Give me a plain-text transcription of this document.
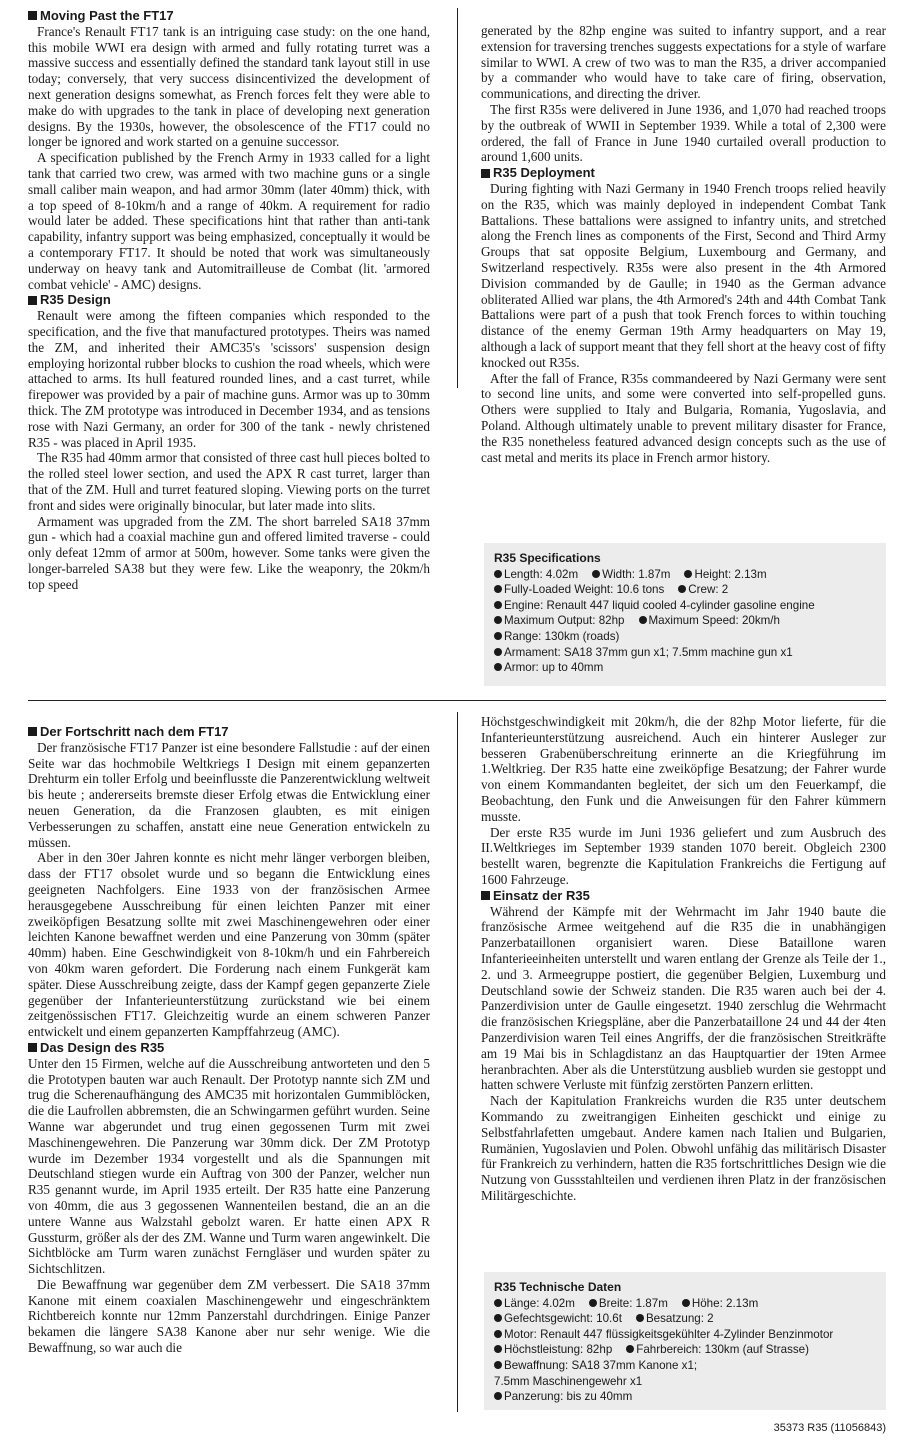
Moving Past the FT17

France's Renault FT17 tank is an intriguing case study: on the one hand, this mobile WWI era design with armed and fully rotating turret was a massive success and essentially defined the standard tank layout still in use today; conversely, that very success disincentivized the development of next generation designs somewhat, as French forces felt they were able to make do with upgrades to the tank in place of developing next generation designs. By the 1930s, however, the obsolescence of the FT17 could no longer be ignored and work started on a genuine successor.

A specification published by the French Army in 1933 called for a light tank that carried two crew, was armed with two machine guns or a single small caliber main weapon, and had armor 30mm (later 40mm) thick, with a top speed of 8-10km/h and a range of 40km. A requirement for radio would later be added. These specifications hint that rather than anti-tank capability, infantry support was being emphasized, conceptually it would be a contemporary FT17. It should be noted that work was simultaneously underway on heavy tank and Automitrailleuse de Combat (lit. 'armored combat vehicle' - AMC) designs.

R35 Design

Renault were among the fifteen companies which responded to the specification, and the five that manufactured prototypes. Theirs was named the ZM, and inherited their AMC35's 'scissors' suspension design employing horizontal rubber blocks to cushion the road wheels, which were attached to arms. Its hull featured rounded lines, and a cast turret, while firepower was provided by a pair of machine guns. Armor was up to 30mm thick. The ZM prototype was introduced in December 1934, and as tensions rose with Nazi Germany, an order for 300 of the tank - newly christened R35 - was placed in April 1935.

The R35 had 40mm armor that consisted of three cast hull pieces bolted to the rolled steel lower section, and used the APX R cast turret, larger than that of the ZM. Hull and turret featured sloping. Viewing ports on the turret front and sides were originally binocular, but later made into slits.

Armament was upgraded from the ZM. The short barreled SA18 37mm gun - which had a coaxial machine gun and offered limited traverse - could only defeat 12mm of armor at 500m, however. Some tanks were given the longer-barreled SA38 but they were few. Like the weaponry, the 20km/h top speed

generated by the 82hp engine was suited to infantry support, and a rear extension for traversing trenches suggests expectations for a style of warfare similar to WWI. A crew of two was to man the R35, a driver accompanied by a commander who would have to take care of firing, observation, communications, and directing the driver.

The first R35s were delivered in June 1936, and 1,070 had reached troops by the outbreak of WWII in September 1939. While a total of 2,300 were ordered, the fall of France in June 1940 curtailed overall production to around 1,600 units.

R35 Deployment

During fighting with Nazi Germany in 1940 French troops relied heavily on the R35, which was mainly deployed in independent Combat Tank Battalions. These battalions were assigned to infantry units, and stretched along the French lines as components of the First, Second and Third Army Groups that sat opposite Belgium, Luxembourg and Germany, and Switzerland respectively. R35s were also present in the 4th Armored Division commanded by de Gaulle; in 1940 as the German advance obliterated Allied war plans, the 4th Armored's 24th and 44th Combat Tank Battalions were part of a push that took French forces to within touching distance of the enemy German 19th Army headquarters on May 19, although a lack of support meant that they fell short at the heavy cost of fifty knocked out R35s.

After the fall of France, R35s commandeered by Nazi Germany were sent to second line units, and some were converted into self-propelled guns. Others were supplied to Italy and Bulgaria, Romania, Yugoslavia, and Poland. Although ultimately unable to prevent military disaster for France, the R35 nonetheless featured advanced design concepts such as the use of cast metal and merits its place in French armor history.

R35 Specifications
Length: 4.02m Width: 1.87m Height: 2.13m
Fully-Loaded Weight: 10.6 tons Crew: 2
Engine: Renault 447 liquid cooled 4-cylinder gasoline engine
Maximum Output: 82hp Maximum Speed: 20km/h
Range: 130km (roads)
Armament: SA18 37mm gun x1; 7.5mm machine gun x1
Armor: up to 40mm
Der Fortschritt nach dem FT17

Der französische FT17 Panzer ist eine besondere Fallstudie : auf der einen Seite war das hochmobile Weltkriegs I Design mit einem gepanzerten Drehturm ein toller Erfolg und beeinflusste die Panzerentwicklung weltweit bis heute ; andererseits bremste dieser Erfolg etwas die Entwicklung einer neuen Generation, da die Franzosen glaubten, es mit einigen Verbesserungen zu schaffen, anstatt eine neue Generation entwickeln zu müssen.

Aber in den 30er Jahren konnte es nicht mehr länger verborgen bleiben, dass der FT17 obsolet wurde und so begann die Entwicklung eines geeigneten Nachfolgers. Eine 1933 von der französischen Armee herausgegebene Ausschreibung für einen leichten Panzer mit einer zweiköpfigen Besatzung sollte mit zwei Maschinengewehren oder einer leichten Kanone bewaffnet werden und eine Panzerung von 30mm (später 40mm) haben. Eine Geschwindigkeit von 8-10km/h und ein Fahrbereich von 40km waren gefordert. Die Forderung nach einem Funkgerät kam später. Diese Ausschreibung zeigte, dass der Kampf gegen gepanzerte Ziele gegenüber der Infanterieunterstützung zurückstand wie bei einem zeitgenössischen FT17. Gleichzeitig wurde an einem schweren Panzer entwickelt und einem gepanzerten Kampffahrzeug (AMC).

Das Design des R35

Unter den 15 Firmen, welche auf die Ausschreibung antworteten und den 5 die Prototypen bauten war auch Renault. Der Prototyp nannte sich ZM und trug die Scherenaufhängung des AMC35 mit horizontalen Gummiblöcken, die die Laufrollen abbremsten, die an Schwingarmen geführt wurden. Seine Wanne war abgerundet und trug einen gegossenen Turm mit zwei Maschinengewehren. Die Panzerung war 30mm dick. Der ZM Prototyp wurde im Dezember 1934 vorgestellt und als die Spannungen mit Deutschland stiegen wurde ein Auftrag von 300 der Panzer, welcher nun R35 genannt wurde, im April 1935 erteilt. Der R35 hatte eine Panzerung von 40mm, die aus 3 gegossenen Wannenteilen bestand, die an an die untere Wanne aus Walzstahl gebolzt waren. Er hatte einen APX R Gussturm, größer als der des ZM. Wanne und Turm waren angewinkelt. Die Sichtblöcke am Turm waren zunächst Ferngläser und wurden später zu Sichtschlitzen.

Die Bewaffnung war gegenüber dem ZM verbessert. Die SA18 37mm Kanone mit einem coaxialen Maschinengewehr und eingeschränktem Richtbereich konnte nur 12mm Panzerstahl durchdringen. Einige Panzer bekamen die längere SA38 Kanone aber nur sehr wenige. Wie die Bewaffnung, so war auch die

Höchstgeschwindigkeit mit 20km/h, die der 82hp Motor lieferte, für die Infanterieunterstützung ausreichend. Auch ein hinterer Ausleger zur besseren Grabenüberschreitung erinnerte an die Kriegführung im 1.Weltkrieg. Der R35 hatte eine zweiköpfige Besatzung; der Fahrer wurde von einem Kommandanten begleitet, der sich um den Feuerkampf, die Beobachtung, den Funk und die Anweisungen für den Fahrer kümmern musste.

Der erste R35 wurde im Juni 1936 geliefert und zum Ausbruch des II.Weltkrieges im September 1939 standen 1070 bereit. Obgleich 2300 bestellt waren, begrenzte die Kapitulation Frankreichs die Fertigung auf 1600 Fahrzeuge.

Einsatz der R35

Während der Kämpfe mit der Wehrmacht im Jahr 1940 baute die französische Armee weitgehend auf die R35 die in unabhängigen Panzerbataillonen organisiert waren. Diese Bataillone waren Infanterieeinheiten unterstellt und waren entlang der Grenze als Teile der 1., 2. und 3. Armeegruppe postiert, die gegenüber Belgien, Luxemburg und Deutschland sowie der Schweiz standen. Die R35 waren auch bei der 4. Panzerdivision unter de Gaulle eingesetzt. 1940 zerschlug die Wehrmacht die französischen Kriegspläne, aber die Panzerbataillone 24 und 44 der 4ten Panzerdivision waren Teil eines Angriffs, der die französischen Streitkräfte am 19 Mai bis in Schlagdistanz an das Hauptquartier der 19ten Armee heranbrachten. Aber als die Unterstützung ausblieb wurden sie gestoppt und hatten schwere Verluste mit fünfzig zerstörten Panzern erlitten.

Nach der Kapitulation Frankreichs wurden die R35 unter deutschem Kommando zu zweitrangigen Einheiten geschickt und einige zu Selbstfahrlafetten umgebaut. Andere kamen nach Italien und Bulgarien, Rumänien, Yugoslavien und Polen. Obwohl unfähig das militärisch Disaster für Frankreich zu verhindern, hatten die R35 fortschrittliches Design wie die Nutzung von Gussstahlteilen und verdienen ihren Platz in der französischen Militärgeschichte.

R35 Technische Daten
Länge: 4.02m Breite: 1.87m Höhe: 2.13m
Gefechtsgewicht: 10.6t Besatzung: 2
Motor: Renault 447 flüssigkeitsgekühlter 4-Zylinder Benzinmotor
Höchstleistung: 82hp Fahrbereich: 130km (auf Strasse)
Bewaffnung: SA18 37mm Kanone x1;
7.5mm Maschinengewehr x1
Panzerung: bis zu 40mm
35373 R35 (11056843)
